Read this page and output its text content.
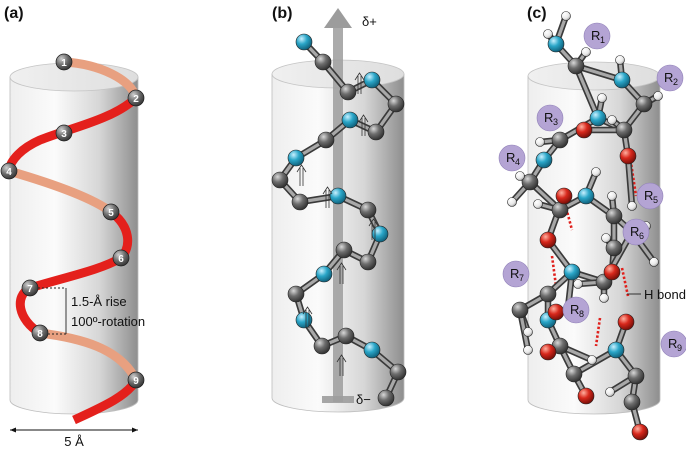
(a)
1.5-Å rise
100º-rotation
1
2
3
4
5
6
7
8
9
5 Å
(b)	δ+
δ−
(c)
R 1
R 2
R 3
R 4
R 5
R 6
R 7
R 8
R 9
H bond
